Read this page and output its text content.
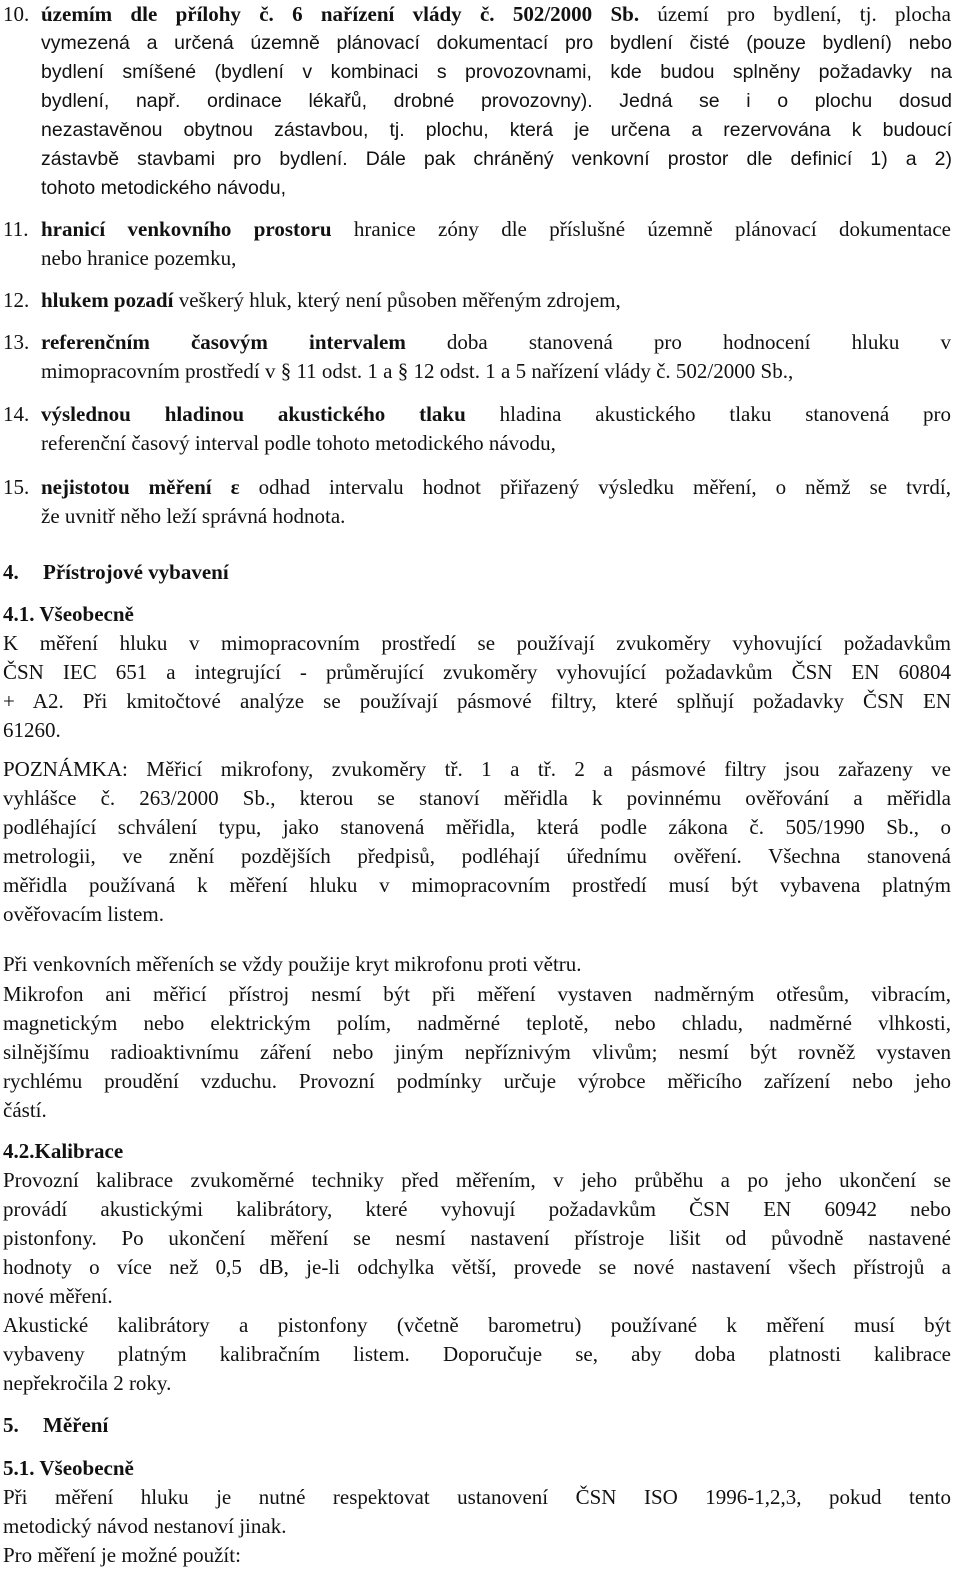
10. územím dle přílohy č. 6 nařízení vlády č. 502/2000 Sb. území pro bydlení, tj. plocha
vymezená a určená územně plánovací dokumentací pro bydlení čisté (pouze bydlení) nebo
bydlení smíšené (bydlení v kombinaci s provozovnami, kde budou splněny požadavky na
bydlení, např. ordinace lékařů, drobné provozovny). Jedná se i o plochu dosud
nezastavěnou obytnou zástavbou, tj. plochu, která je určena a rezervována k budoucí
zástavbě stavbami pro bydlení. Dále pak chráněný venkovní prostor dle definicí 1) a 2)
tohoto metodického návodu,
11. hranicí venkovního prostoru hranice zóny dle příslušné územně plánovací dokumentace
nebo hranice pozemku,
12. hlukem pozadí veškerý hluk, který není působen měřeným zdrojem,
13. referenčním časovým intervalem doba stanovená pro hodnocení hluku v
mimopracovním prostředí v § 11 odst. 1 a § 12 odst. 1 a 5 nařízení vlády č. 502/2000 Sb.,
14. výslednou hladinou akustického tlaku hladina akustického tlaku stanovená pro
referenční časový interval podle tohoto metodického návodu,
15. nejistotou měření ε odhad intervalu hodnot přiřazený výsledku měření, o němž se tvrdí,
že uvnitř něho leží správná hodnota.
4. Přístrojové vybavení
4.1. Všeobecně
K měření hluku v mimopracovním prostředí se používají zvukoměry vyhovující požadavkům
ČSN IEC 651 a integrující - průměrující zvukoměry vyhovující požadavkům ČSN EN 60804
+ A2. Při kmitočtové analýze se používají pásmové filtry, které splňují požadavky ČSN EN
61260.
POZNÁMKA: Měřicí mikrofony, zvukoměry tř. 1 a tř. 2 a pásmové filtry jsou zařazeny ve
vyhlášce č. 263/2000 Sb., kterou se stanoví měřidla k povinnému ověřování a měřidla
podléhající schválení typu, jako stanovená měřidla, která podle zákona č. 505/1990 Sb., o
metrologii, ve znění pozdějších předpisů, podléhají úřednímu ověření. Všechna stanovená
měřidla používaná k měření hluku v mimopracovním prostředí musí být vybavena platným
ověřovacím listem.
Při venkovních měřeních se vždy použije kryt mikrofonu proti větru.
Mikrofon ani měřicí přístroj nesmí být při měření vystaven nadměrným otřesům, vibracím,
magnetickým nebo elektrickým polím, nadměrné teplotě, nebo chladu, nadměrné vlhkosti,
silnějšímu radioaktivnímu záření nebo jiným nepříznivým vlivům; nesmí být rovněž vystaven
rychlému proudění vzduchu. Provozní podmínky určuje výrobce měřicího zařízení nebo jeho
částí.
4.2.Kalibrace
Provozní kalibrace zvukoměrné techniky před měřením, v jeho průběhu a po jeho ukončení se
provádí akustickými kalibrátory, které vyhovují požadavkům ČSN EN 60942 nebo
pistonfony. Po ukončení měření se nesmí nastavení přístroje lišit od původně nastavené
hodnoty o více než 0,5 dB, je-li odchylka větší, provede se nové nastavení všech přístrojů a
nové měření.
Akustické kalibrátory a pistonfony (včetně barometru) používané k měření musí být
vybaveny platným kalibračním listem. Doporučuje se, aby doba platnosti kalibrace
nepřekročila 2 roky.
5. Měření
5.1. Všeobecně
Při měření hluku je nutné respektovat ustanovení ČSN ISO 1996-1,2,3, pokud tento
metodický návod nestanoví jinak.
Pro měření je možné použít:
